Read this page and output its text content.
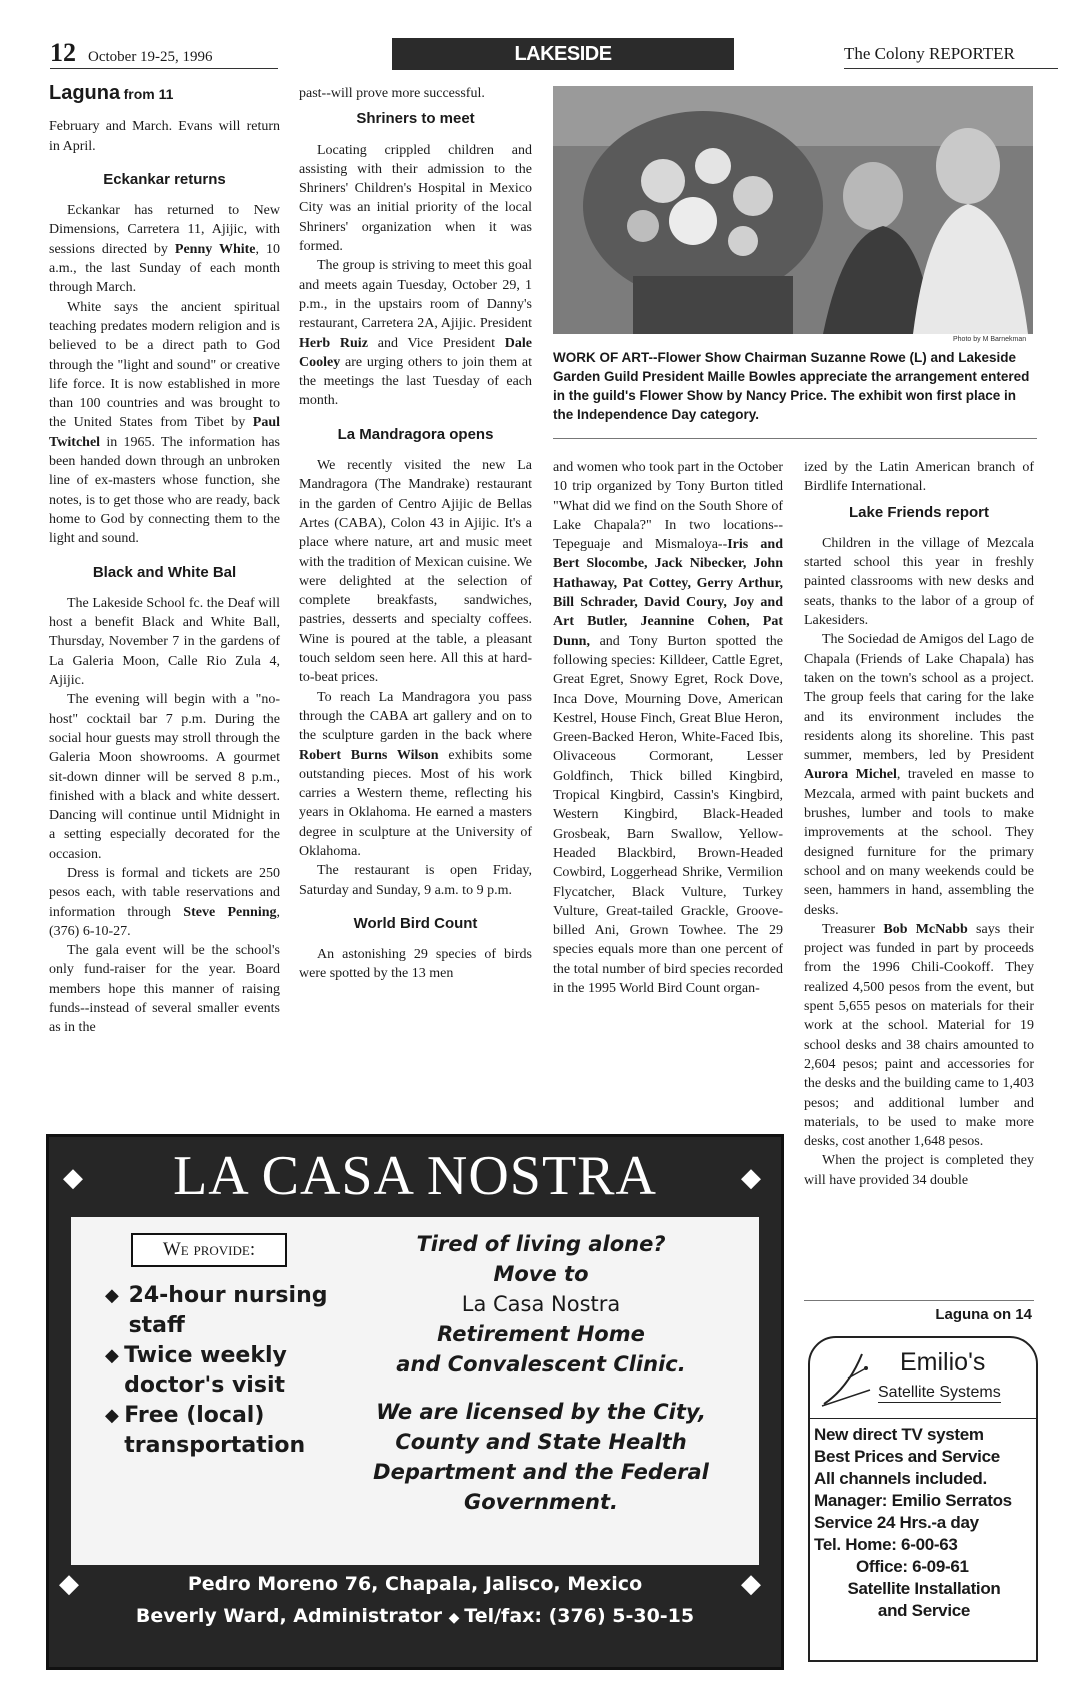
12 October 19-25, 1996	LAKESIDE	The Colony REPORTER
Laguna from 11

February and March. Evans will return in April.

Eckankar returns

Eckankar has returned to New Dimensions, Carretera 11, Ajijic, with sessions directed by Penny White, 10 a.m., the last Sunday of each month through March.

White says the ancient spiritual teaching predates modern religion and is believed to be a direct path to God through the "light and sound" or creative life force. It is now established in more than 100 countries and was brought to the United States from Tibet by Paul Twitchel in 1965. The information has been handed down through an unbroken line of ex-masters whose function, she notes, is to get those who are ready, back home to God by connecting them to the light and sound.

Black and White Bal

The Lakeside School fc. the Deaf will host a benefit Black and White Ball, Thursday, November 7 in the gardens of La Galeria Moon, Calle Rio Zula 4, Ajijic.

The evening will begin with a "no-host" cocktail bar 7 p.m. During the social hour guests may stroll through the Galeria Moon showrooms. A gourmet sit-down dinner will be served 8 p.m., finished with a black and white dessert. Dancing will continue until Midnight in a setting especially decorated for the occasion.

Dress is formal and tickets are 250 pesos each, with table reservations and information through Steve Penning, (376) 6-10-27.

The gala event will be the school's only fund-raiser for the year. Board members hope this manner of raising funds--instead of several smaller events as in the

past--will prove more successful.

Shriners to meet

Locating crippled children and assisting with their admission to the Shriners' Children's Hospital in Mexico City was an initial priority of the local Shriners' organization when it was formed.

The group is striving to meet this goal and meets again Tuesday, October 29, 1 p.m., in the upstairs room of Danny's restaurant, Carretera 2A, Ajijic. President Herb Ruiz and Vice President Dale Cooley are urging others to join them at the meetings the last Tuesday of each month.

La Mandragora opens

We recently visited the new La Mandragora (The Mandrake) restaurant in the garden of Centro Ajijic de Bellas Artes (CABA), Colon 43 in Ajijic. It's a place where nature, art and music meet with the tradition of Mexican cuisine. We were delighted at the selection of complete breakfasts, sandwiches, pastries, desserts and specialty coffees. Wine is poured at the table, a pleasant touch seldom seen here. All this at hard-to-beat prices.

To reach La Mandragora you pass through the CABA art gallery and on to the sculpture garden in the back where Robert Burns Wilson exhibits some outstanding pieces. Most of his work carries a Western theme, reflecting his years in Oklahoma. He earned a masters degree in sculpture at the University of Oklahoma.

The restaurant is open Friday, Saturday and Sunday, 9 a.m. to 9 p.m.

World Bird Count

An astonishing 29 species of birds were spotted by the 13 men

Photo by M Barnekman
WORK OF ART--Flower Show Chairman Suzanne Rowe (L) and Lakeside Garden Guild President Maille Bowles appreciate the arrangement entered in the guild's Flower Show by Nancy Price. The exhibit won first place in the Independence Day category.

and women who took part in the October 10 trip organized by Tony Burton titled "What did we find on the South Shore of Lake Chapala?" In two locations--Tepeguaje and Mismaloya--Iris and Bert Slocombe, Jack Nibecker, John Hathaway, Pat Cottey, Gerry Arthur, Bill Schrader, David Coury, Joy and Art Butler, Jeannine Cohen, Pat Dunn, and Tony Burton spotted the following species: Killdeer, Cattle Egret, Great Egret, Snowy Egret, Rock Dove, Inca Dove, Mourning Dove, American Kestrel, House Finch, Great Blue Heron, Green-Backed Heron, White-Faced Ibis, Olivaceous Cormorant, Lesser Goldfinch, Thick billed Kingbird, Tropical Kingbird, Cassin's Kingbird, Western Kingbird, Black-Headed Grosbeak, Barn Swallow, Yellow-Headed Blackbird, Brown-Headed Cowbird, Loggerhead Shrike, Vermilion Flycatcher, Black Vulture, Turkey Vulture, Great-tailed Grackle, Groove-billed Ani, Grown Towhee. The 29 species equals more than one percent of the total number of bird species recorded in the 1995 World Bird Count organ-

ized by the Latin American branch of Birdlife International.

Lake Friends report

Children in the village of Mezcala started school this year in freshly painted classrooms with new desks and seats, thanks to the labor of a group of Lakesiders.

The Sociedad de Amigos del Lago de Chapala (Friends of Lake Chapala) has taken on the town's school as a project. The group feels that caring for the lake and its environment includes the residents along its shoreline. This past summer, members, led by President Aurora Michel, traveled en masse to Mezcala, armed with paint buckets and brushes, lumber and tools to make improvements at the school. They designed furniture for the primary school and on many weekends could be seen, hammers in hand, assembling the desks.

Treasurer Bob McNabb says their project was funded in part by proceeds from the 1996 Chili-Cookoff. They realized 4,500 pesos from the event, but spent 5,655 pesos on materials for their work at the school. Material for 19 school desks and 38 chairs amounted to 2,604 pesos; paint and accessories for the desks and the building came to 1,403 pesos; and additional lumber and materials, to be used to make more desks, cost another 1,648 pesos.

When the project is completed they will have provided 34 double

Laguna on 14
◆	LA CASA NOSTRA	◆
We provide:
◆ 24-hour nursing staff
◆ Twice weekly doctor's visit
◆ Free (local) transportation
Tired of living alone?
Move to
La Casa Nostra
Retirement Home
and Convalescent Clinic.
We are licensed by the City, County and State Health Department and the Federal Government.
◆	Pedro Moreno 76, Chapala, Jalisco, Mexico	◆
Beverly Ward, Administrator ◆ Tel/fax: (376) 5-30-15
Emilio's
Satellite Systems
New direct TV system
Best Prices and Service
All channels included.
Manager: Emilio Serratos
Service 24 Hrs.-a day
Tel. Home: 6-00-63
Office: 6-09-61
Satellite Installation
and Service
